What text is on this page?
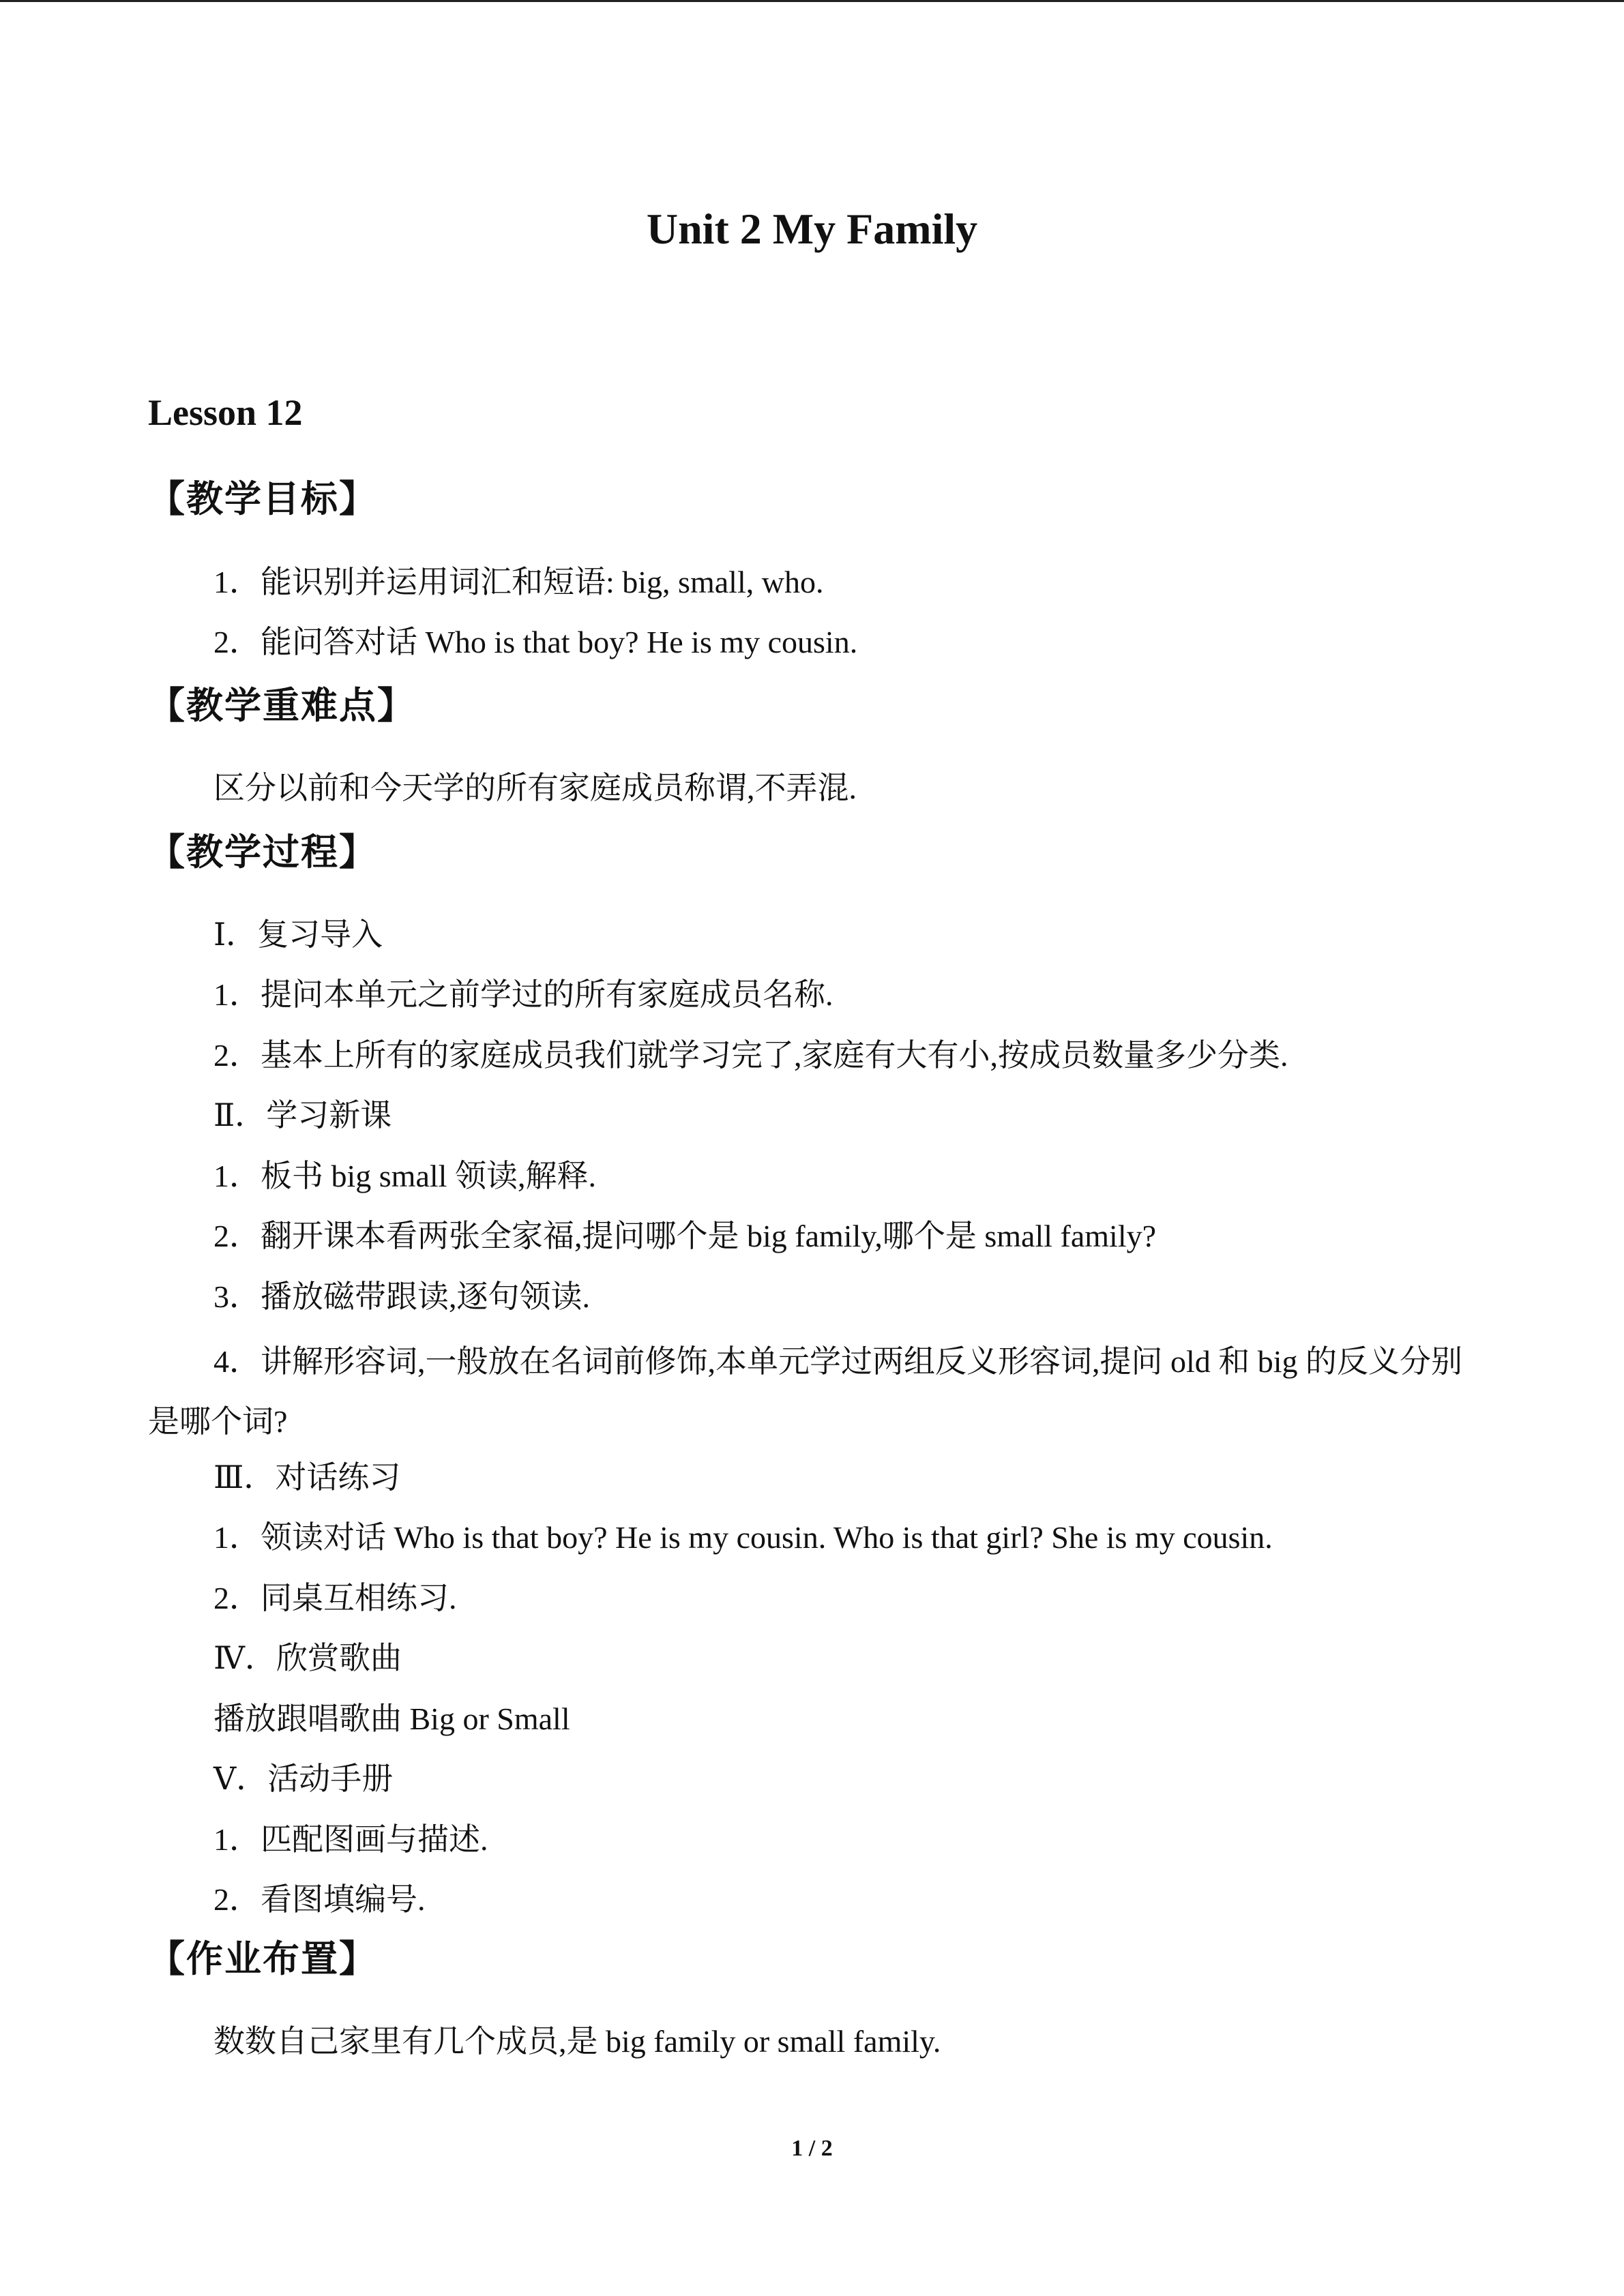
Unit 2 My Family
Lesson 12
【教学目标】
1．能识别并运用词汇和短语: big, small, who.
2．能问答对话 Who is that boy? He is my cousin.
【教学重难点】
区分以前和今天学的所有家庭成员称谓,不弄混.
【教学过程】
Ⅰ．复习导入
1．提问本单元之前学过的所有家庭成员名称.
2．基本上所有的家庭成员我们就学习完了,家庭有大有小,按成员数量多少分类.
Ⅱ．学习新课
1．板书 big small 领读,解释.
2．翻开课本看两张全家福,提问哪个是 big family,哪个是 small family?
3．播放磁带跟读,逐句领读.
4．讲解形容词,一般放在名词前修饰,本单元学过两组反义形容词,提问 old 和 big 的反义分别是哪个词?
Ⅲ．对话练习
1．领读对话 Who is that boy? He is my cousin. Who is that girl? She is my cousin.
2．同桌互相练习.
Ⅳ．欣赏歌曲
播放跟唱歌曲 Big or Small
Ⅴ．活动手册
1．匹配图画与描述.
2．看图填编号.
【作业布置】
数数自己家里有几个成员,是 big family or small family.
1 / 2
